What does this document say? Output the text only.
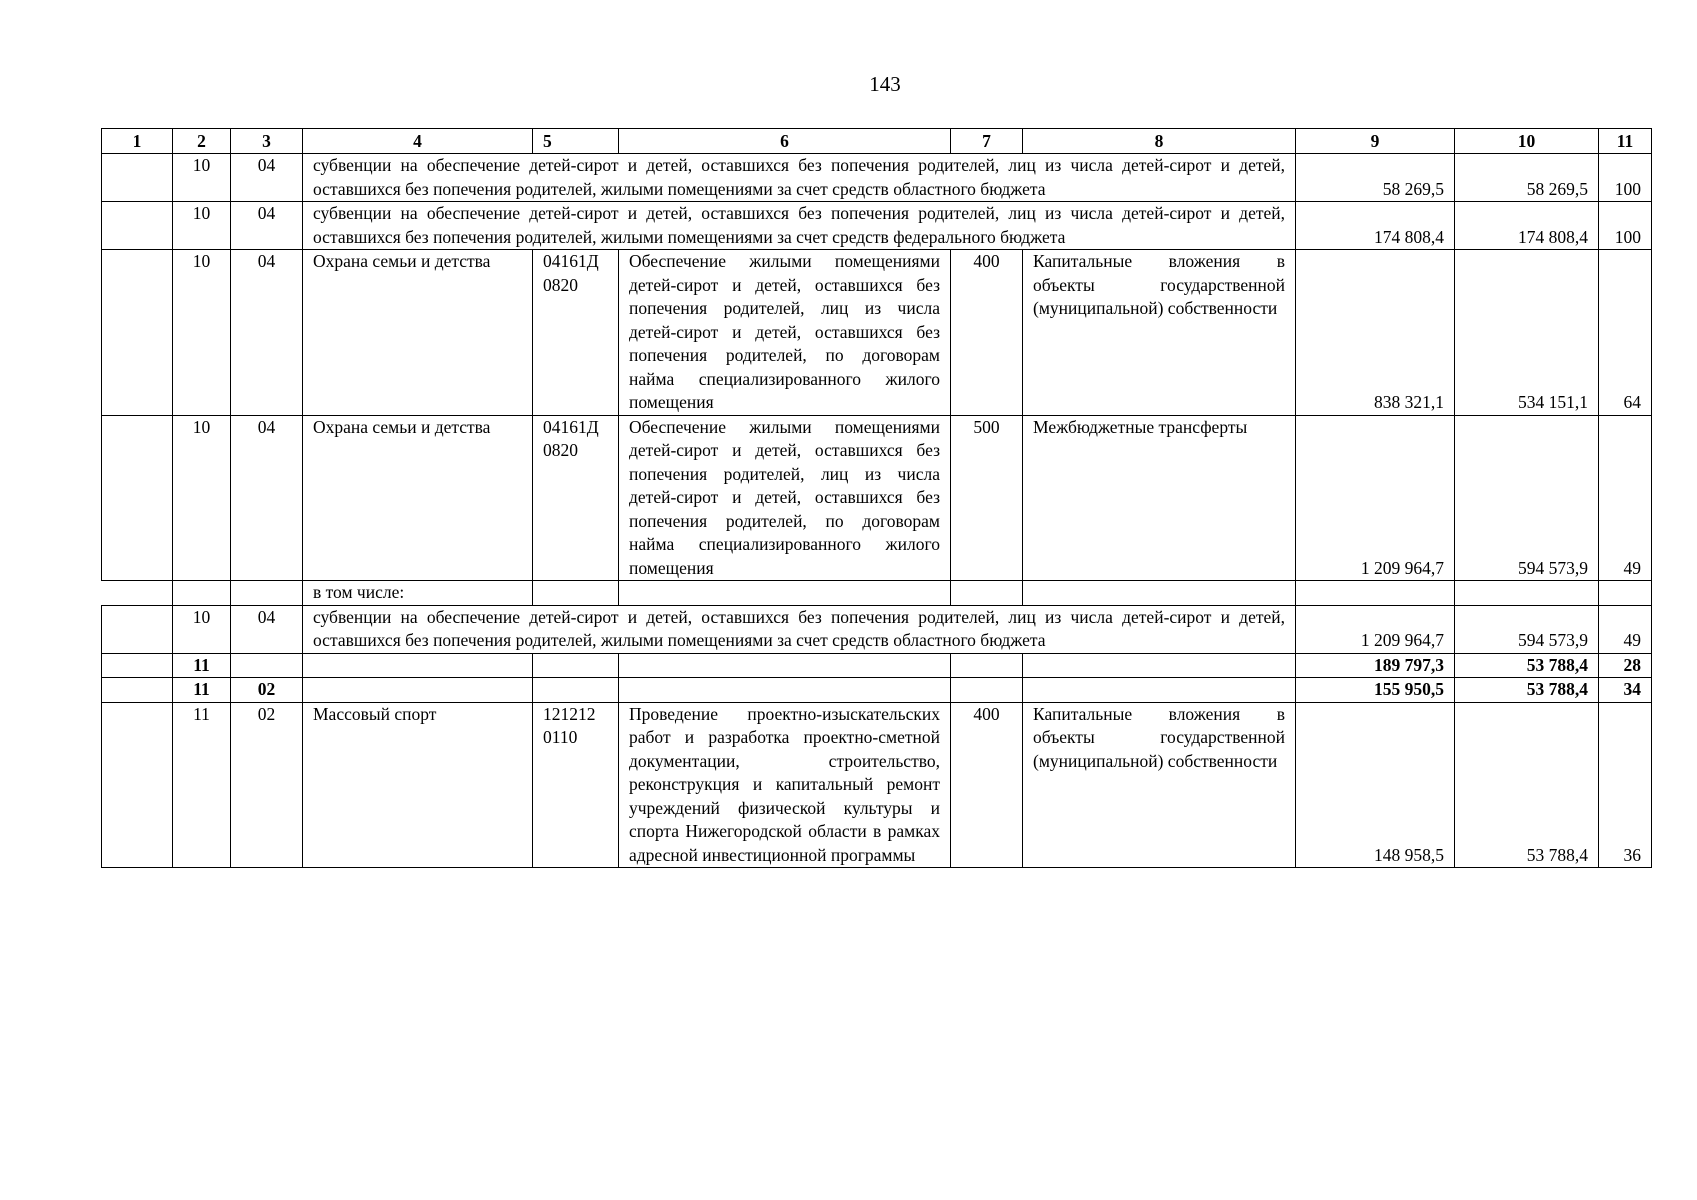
143
1	2	3	4	5	6	7	8	9	10	11
	10	04	субвенции на обеспечение детей-сирот и детей, оставшихся без попечения родителей, лиц из числа детей-сирот и детей, оставшихся без попечения родителей, жилыми помещениями за счет средств областного бюджета					58 269,5	58 269,5	100
	10	04	субвенции на обеспечение детей-сирот и детей, оставшихся без попечения родителей, лиц из числа детей-сирот и детей, оставшихся без попечения родителей, жилыми помещениями за счет средств федерального бюджета					174 808,4	174 808,4	100
	10	04	Охрана семьи и детства	04161Д 0820	Обеспечение жилыми помещениями детей-сирот и детей, оставшихся без попечения родителей, лиц из числа детей-сирот и детей, оставшихся без попечения родителей, по договорам найма специализированного жилого помещения	400	Капитальные вложения в объекты государственной (муниципальной) собственности	838 321,1	534 151,1	64
	10	04	Охрана семьи и детства	04161Д 0820	Обеспечение жилыми помещениями детей-сирот и детей, оставшихся без попечения родителей, лиц из числа детей-сирот и детей, оставшихся без попечения родителей, по договорам найма специализированного жилого помещения	500	Межбюджетные трансферты	1 209 964,7	594 573,9	49
			в том числе:							
	10	04	субвенции на обеспечение детей-сирот и детей, оставшихся без попечения родителей, лиц из числа детей-сирот и детей, оставшихся без попечения родителей, жилыми помещениями за счет средств областного бюджета					1 209 964,7	594 573,9	49
	11							189 797,3	53 788,4	28
	11	02						155 950,5	53 788,4	34
	11	02	Массовый спорт	121212 0110	Проведение проектно-изыскательских работ и разработка проектно-сметной документации, строительство, реконструкция и капитальный ремонт учреждений физической культуры и спорта Нижегородской области в рамках адресной инвестиционной программы	400	Капитальные вложения в объекты государственной (муниципальной) собственности	148 958,5	53 788,4	36
